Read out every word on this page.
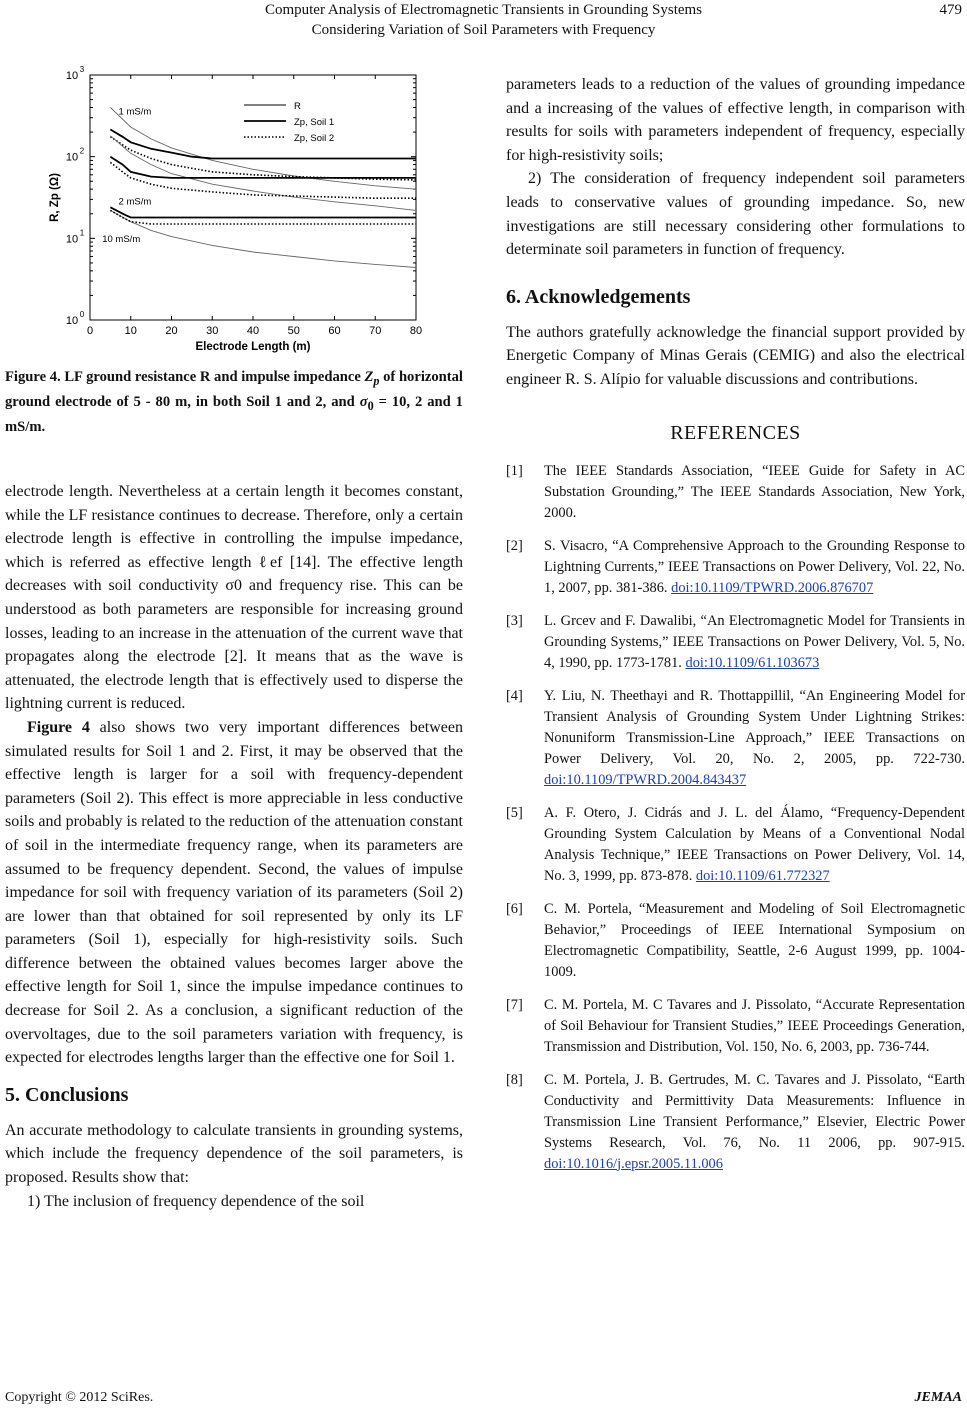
Computer Analysis of Electromagnetic Transients in Grounding Systems
Considering Variation of Soil Parameters with Frequency
479
0	10	20	30	40	50	60	70	80
10
0
10
1
10
2
10
3
Electrode Length (m)
R, Zp (Ω)
1 mS/m
2 mS/m
10 mS/m
R
Zp, Soil 1
Zp, Soil 2
Figure 4. LF ground resistance R and impulse impedance $Z_p$ of horizontal ground electrode of 5 - 80 m, in both Soil 1 and 2, and $\sigma_0 = 10$, 2 and 1 mS/m.

electrode length. Nevertheless at a certain length it becomes constant, while the LF resistance continues to decrease. Therefore, only a certain electrode length is effective in controlling the impulse impedance, which is referred as effective length ℓef [14]. The effective length decreases with soil conductivity σ0 and frequency rise. This can be understood as both parameters are responsible for increasing ground losses, leading to an increase in the attenuation of the current wave that propagates along the electrode [2]. It means that as the wave is attenuated, the electrode length that is effectively used to disperse the lightning current is reduced.

Figure 4 also shows two very important differences between simulated results for Soil 1 and 2. First, it may be observed that the effective length is larger for a soil with frequency-dependent parameters (Soil 2). This effect is more appreciable in less conductive soils and probably is related to the reduction of the attenuation constant of soil in the intermediate frequency range, when its parameters are assumed to be frequency dependent. Second, the values of impulse impedance for soil with frequency variation of its parameters (Soil 2) are lower than that obtained for soil represented by only its LF parameters (Soil 1), especially for high-resistivity soils. Such difference between the obtained values becomes larger above the effective length for Soil 1, since the impulse impedance continues to decrease for Soil 2. As a conclusion, a significant reduction of the overvoltages, due to the soil parameters variation with frequency, is expected for electrodes lengths larger than the effective one for Soil 1.

5. Conclusions

An accurate methodology to calculate transients in grounding systems, which include the frequency dependence of the soil parameters, is proposed. Results show that:

1) The inclusion of frequency dependence of the soil

parameters leads to a reduction of the values of grounding impedance and a increasing of the values of effective length, in comparison with results for soils with parameters independent of frequency, especially for high-resistivity soils;

2) The consideration of frequency independent soil parameters leads to conservative values of grounding impedance. So, new investigations are still necessary considering other formulations to determinate soil parameters in function of frequency.

6. Acknowledgements

The authors gratefully acknowledge the financial support provided by Energetic Company of Minas Gerais (CEMIG) and also the electrical engineer R. S. Alípio for valuable discussions and contributions.

REFERENCES
[1]	The IEEE Standards Association, “IEEE Guide for Safety in AC Substation Grounding,” The IEEE Standards Association, New York, 2000.
[2]	S. Visacro, “A Comprehensive Approach to the Grounding Response to Lightning Currents,” IEEE Transactions on Power Delivery, Vol. 22, No. 1, 2007, pp. 381-386. doi:10.1109/TPWRD.2006.876707
[3]	L. Grcev and F. Dawalibi, “An Electromagnetic Model for Transients in Grounding Systems,” IEEE Transactions on Power Delivery, Vol. 5, No. 4, 1990, pp. 1773-1781. doi:10.1109/61.103673
[4]	Y. Liu, N. Theethayi and R. Thottappillil, “An Engineering Model for Transient Analysis of Grounding System Under Lightning Strikes: Nonuniform Transmission-Line Approach,” IEEE Transactions on Power Delivery, Vol. 20, No. 2, 2005, pp. 722-730. doi:10.1109/TPWRD.2004.843437
[5]	A. F. Otero, J. Cidrás and J. L. del Álamo, “Frequency-Dependent Grounding System Calculation by Means of a Conventional Nodal Analysis Technique,” IEEE Transactions on Power Delivery, Vol. 14, No. 3, 1999, pp. 873-878. doi:10.1109/61.772327
[6]	C. M. Portela, “Measurement and Modeling of Soil Electromagnetic Behavior,” Proceedings of IEEE International Symposium on Electromagnetic Compatibility, Seattle, 2-6 August 1999, pp. 1004-1009.
[7]	C. M. Portela, M. C Tavares and J. Pissolato, “Accurate Representation of Soil Behaviour for Transient Studies,” IEEE Proceedings Generation, Transmission and Distribution, Vol. 150, No. 6, 2003, pp. 736-744.
[8]	C. M. Portela, J. B. Gertrudes, M. C. Tavares and J. Pissolato, “Earth Conductivity and Permittivity Data Measurements: Influence in Transmission Line Transient Performance,” Elsevier, Electric Power Systems Research, Vol. 76, No. 11 2006, pp. 907-915. doi:10.1016/j.epsr.2005.11.006
Copyright © 2012 SciRes.	JEMAA
